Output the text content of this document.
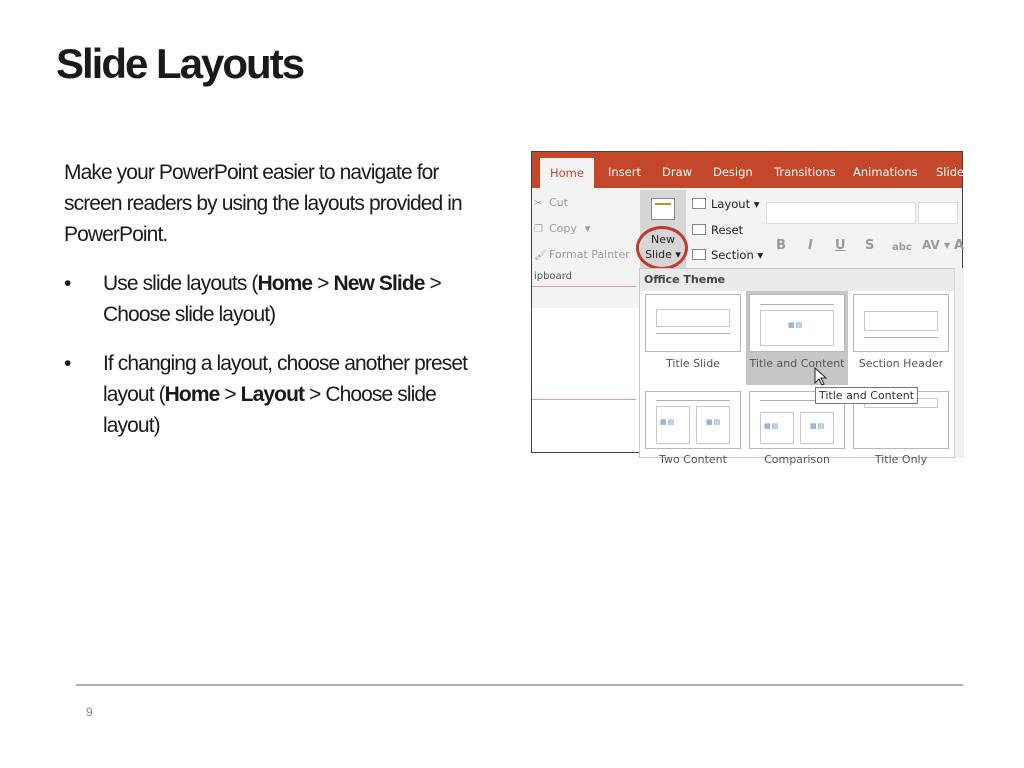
Slide Layouts

Make your PowerPoint easier to navigate for screen readers by using the layouts provided in PowerPoint.

• Use slide layouts (Home > New Slide > Choose slide layout)
• If changing a layout, choose another preset layout (Home > Layout > Choose slide layout)
Home	Insert Draw Design Transitions Animations Slide
✂ Cut
❐ Copy ▾
🖌 Format Painter
ipboard
New
Slide ▾
Layout ▾
Reset
Section ▾
B I U S abc AV ▾ A
Office Theme
Title Slide
▦▤
Title and Content	Section Header
▦▤	▦▤
Two Content
▦▤	▦▤
Comparison	Title Only
Title and Content
9
